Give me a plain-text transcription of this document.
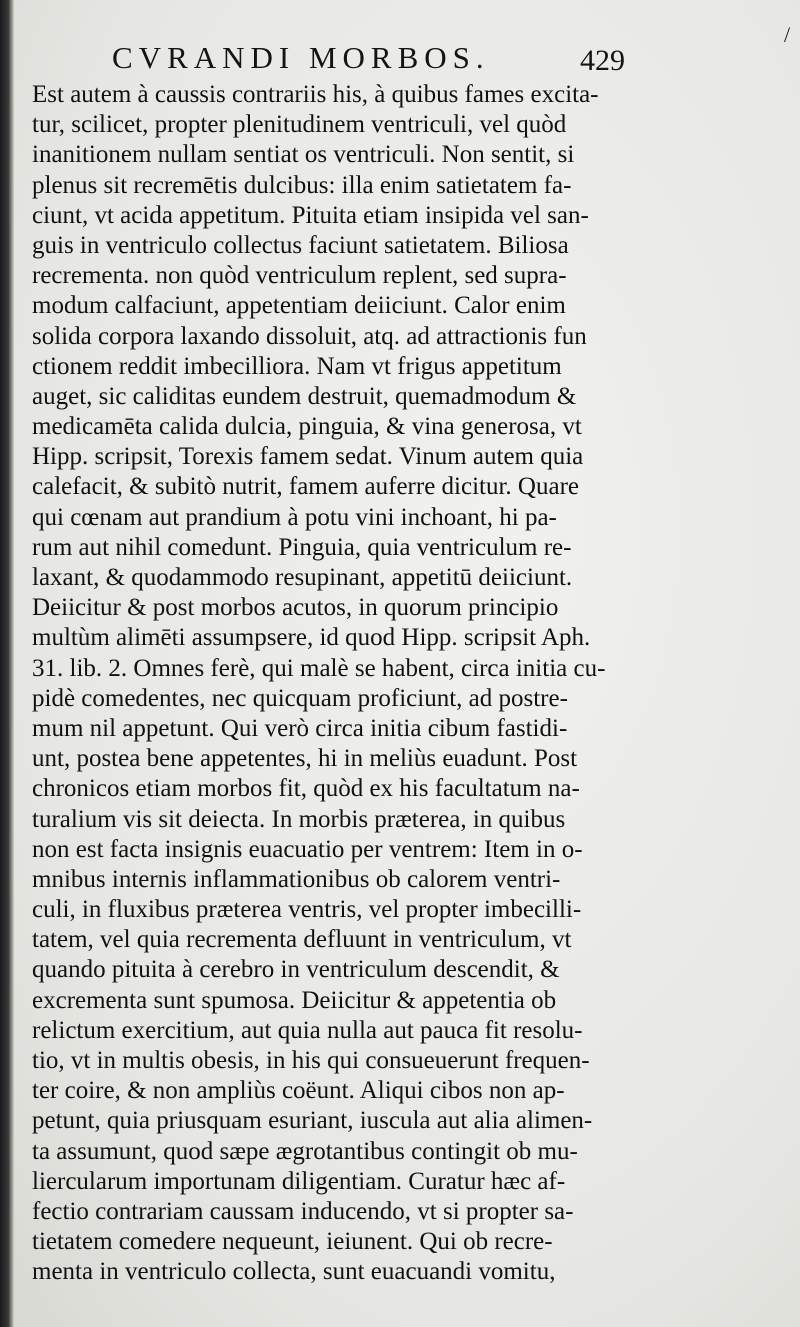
CVRANDI MORBOS.	429
/
Est autem à caussis contrariis his, à quibus fames excita-
tur, scilicet, propter plenitudinem ventriculi, vel quòd
inanitionem nullam sentiat os ventriculi. Non sentit, si
plenus sit recremētis dulcibus: illa enim satietatem fa-
ciunt, vt acida appetitum. Pituita etiam insipida vel san-
guis in ventriculo collectus faciunt satietatem. Biliosa
recrementa. non quòd ventriculum replent, sed supra-
modum calfaciunt, appetentiam deiiciunt. Calor enim
solida corpora laxando dissoluit, atq. ad attractionis fun
ctionem reddit imbecilliora. Nam vt frigus appetitum
auget, sic caliditas eundem destruit, quemadmodum &
medicamēta calida dulcia, pinguia, & vina generosa, vt
Hipp. scripsit, Torexis famem sedat. Vinum autem quia
calefacit, & subitò nutrit, famem auferre dicitur. Quare
qui cœnam aut prandium à potu vini inchoant, hi pa-
rum aut nihil comedunt. Pinguia, quia ventriculum re-
laxant, & quodammodo resupinant, appetitū deiiciunt.
Deiicitur & post morbos acutos, in quorum principio
multùm alimēti assumpsere, id quod Hipp. scripsit Aph.
31. lib. 2. Omnes ferè, qui malè se habent, circa initia cu-
pidè comedentes, nec quicquam proficiunt, ad postre-
mum nil appetunt. Qui verò circa initia cibum fastidi-
unt, postea bene appetentes, hi in meliùs euadunt. Post
chronicos etiam morbos fit, quòd ex his facultatum na-
turalium vis sit deiecta. In morbis præterea, in quibus
non est facta insignis euacuatio per ventrem: Item in o-
mnibus internis inflammationibus ob calorem ventri-
culi, in fluxibus præterea ventris, vel propter imbecilli-
tatem, vel quia recrementa defluunt in ventriculum, vt
quando pituita à cerebro in ventriculum descendit, &
excrementa sunt spumosa. Deiicitur & appetentia ob
relictum exercitium, aut quia nulla aut pauca fit resolu-
tio, vt in multis obesis, in his qui consueuerunt frequen-
ter coire, & non ampliùs coëunt. Aliqui cibos non ap-
petunt, quia priusquam esuriant, iuscula aut alia alimen-
ta assumunt, quod sæpe ægrotantibus contingit ob mu-
liercularum importunam diligentiam. Curatur hæc af-
fectio contrariam caussam inducendo, vt si propter sa-
tietatem comedere nequeunt, ieiunent. Qui ob recre-
menta in ventriculo collecta, sunt euacuandi vomitu,
